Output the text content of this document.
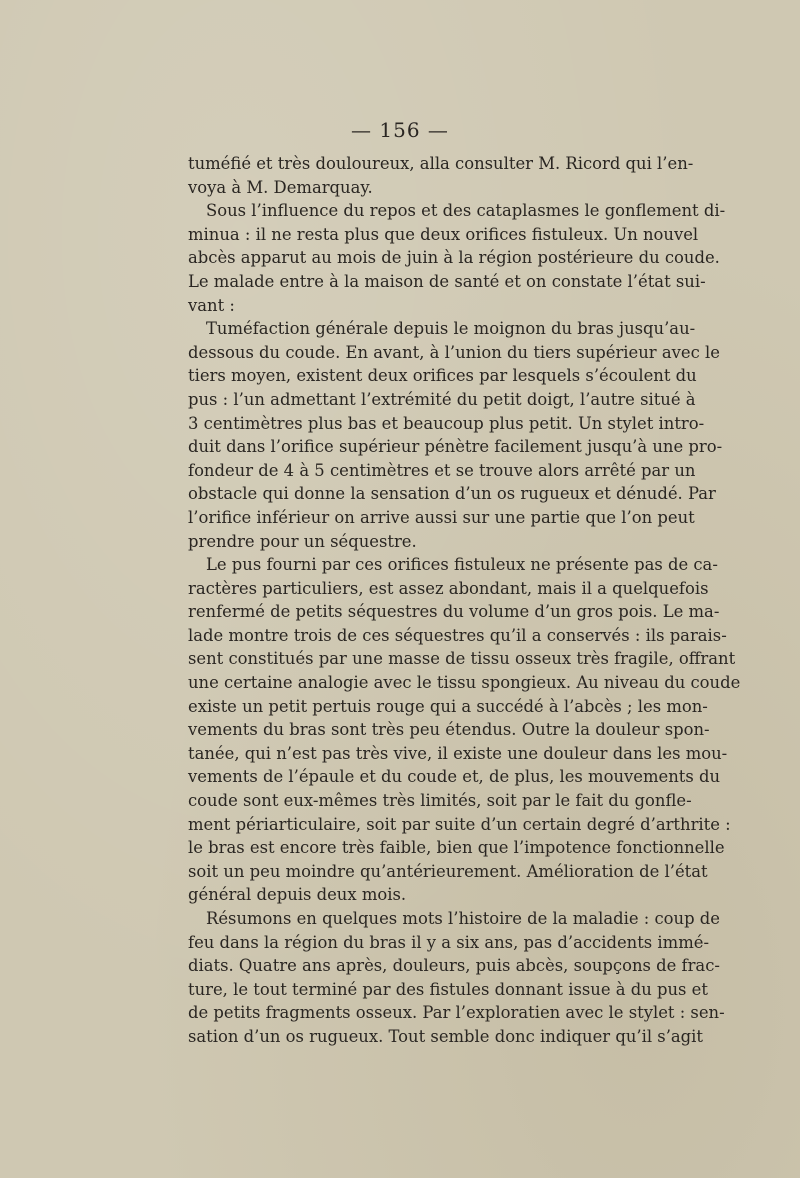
— 156 —
tuméfié et très douloureux, alla consulter M. Ricord qui l’en-
voya à M. Demarquay.
Sous l’influence du repos et des cataplasmes le gonflement di-
minua : il ne resta plus que deux orifices fistuleux. Un nouvel
abcès apparut au mois de juin à la région postérieure du coude.
Le malade entre à la maison de santé et on constate l’état sui-
vant :
Tuméfaction générale depuis le moignon du bras jusqu’au-
dessous du coude. En avant, à l’union du tiers supérieur avec le
tiers moyen, existent deux orifices par lesquels s’écoulent du
pus : l’un admettant l’extrémité du petit doigt, l’autre situé à
3 centimètres plus bas et beaucoup plus petit. Un stylet intro-
duit dans l’orifice supérieur pénètre facilement jusqu’à une pro-
fondeur de 4 à 5 centimètres et se trouve alors arrêté par un
obstacle qui donne la sensation d’un os rugueux et dénudé. Par
l’orifice inférieur on arrive aussi sur une partie que l’on peut
prendre pour un séquestre.
Le pus fourni par ces orifices fistuleux ne présente pas de ca-
ractères particuliers, est assez abondant, mais il a quelquefois
renfermé de petits séquestres du volume d’un gros pois. Le ma-
lade montre trois de ces séquestres qu’il a conservés : ils parais-
sent constitués par une masse de tissu osseux très fragile, offrant
une certaine analogie avec le tissu spongieux. Au niveau du coude
existe un petit pertuis rouge qui a succédé à l’abcès ; les mon-
vements du bras sont très peu étendus. Outre la douleur spon-
tanée, qui n’est pas très vive, il existe une douleur dans les mou-
vements de l’épaule et du coude et, de plus, les mouvements du
coude sont eux-mêmes très limités, soit par le fait du gonfle-
ment périarticulaire, soit par suite d’un certain degré d’arthrite :
le bras est encore très faible, bien que l’impotence fonctionnelle
soit un peu moindre qu’antérieurement. Amélioration de l’état
général depuis deux mois.
Résumons en quelques mots l’histoire de la maladie : coup de
feu dans la région du bras il y a six ans, pas d’accidents immé-
diats. Quatre ans après, douleurs, puis abcès, soupçons de frac-
ture, le tout terminé par des fistules donnant issue à du pus et
de petits fragments osseux. Par l’exploratien avec le stylet : sen-
sation d’un os rugueux. Tout semble donc indiquer qu’il s’agit
